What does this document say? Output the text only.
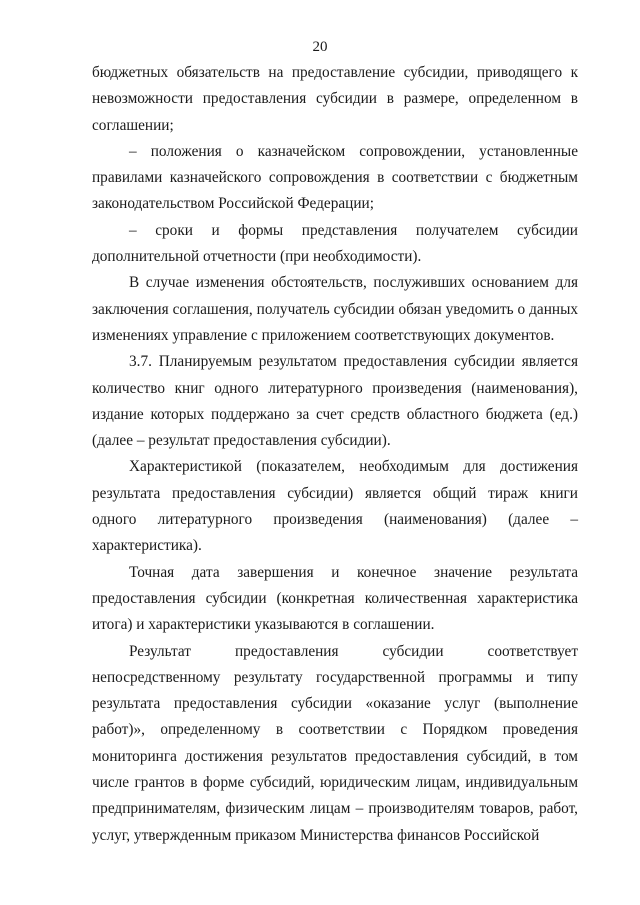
20

бюджетных обязательств на предоставление субсидии, приводящего к невозможности предоставления субсидии в размере, определенном в соглашении;

– положения о казначейском сопровождении, установленные правилами казначейского сопровождения в соответствии с бюджетным законодательством Российской Федерации;

– сроки и формы представления получателем субсидии дополнительной отчетности (при необходимости).

В случае изменения обстоятельств, послуживших основанием для заключения соглашения, получатель субсидии обязан уведомить о данных изменениях управление с приложением соответствующих документов.

3.7. Планируемым результатом предоставления субсидии является количество книг одного литературного произведения (наименования), издание которых поддержано за счет средств областного бюджета (ед.) (далее – результат предоставления субсидии).

Характеристикой (показателем, необходимым для достижения результата предоставления субсидии) является общий тираж книги одного литературного произведения (наименования) (далее – характеристика).

Точная дата завершения и конечное значение результата предоставления субсидии (конкретная количественная характеристика итога) и характеристики указываются в соглашении.

Результат предоставления субсидии соответствует непосредственному результату государственной программы и типу результата предоставления субсидии «оказание услуг (выполнение работ)», определенному в соответствии с Порядком проведения мониторинга достижения результатов предоставления субсидий, в том числе грантов в форме субсидий, юридическим лицам, индивидуальным предпринимателям, физическим лицам – производителям товаров, работ, услуг, утвержденным приказом Министерства финансов Российской
